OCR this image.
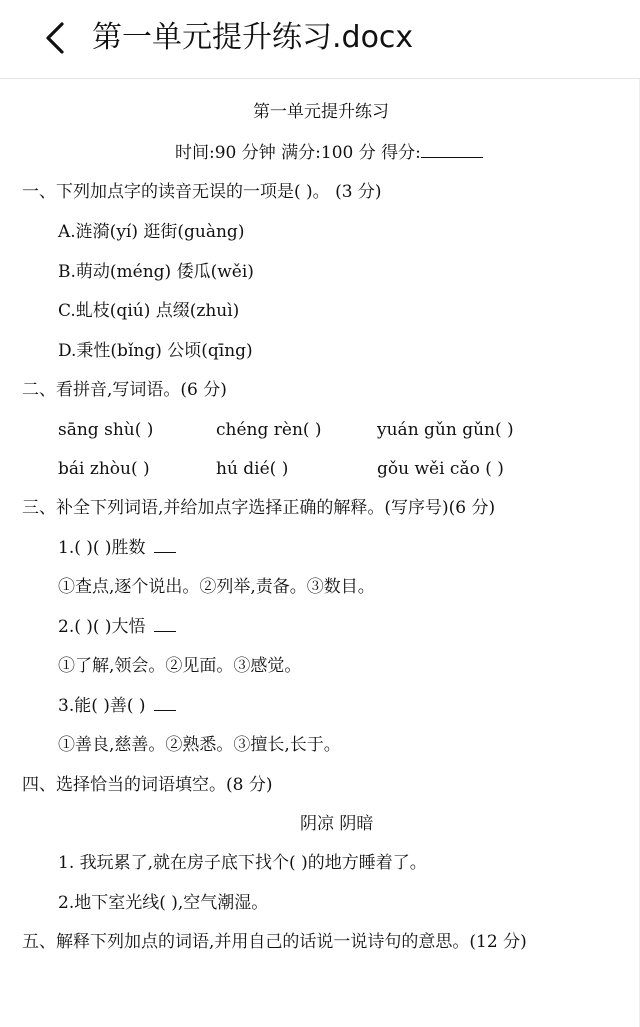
第一单元提升练习.docx
第一单元提升练习
时间:90 分钟 满分:100 分 得分:
一、下列加点字的读音无误的一项是( )。 (3 分)
A.涟漪(yí) 逛街(guàng)
B.萌动(méng) 倭瓜(wěi)
C.虬枝(qiú) 点缀(zhuì)
D.秉性(bǐng) 公顷(qīng)
二、看拼音,写词语。(6 分)
sāng shù( )	chéng rèn( )	yuán gǔn gǔn( )
bái zhòu( )	hú dié( )	gǒu wěi cǎo ( )
三、补全下列词语,并给加点字选择正确的解释。(写序号)(6 分)
1.( )( )胜数
①查点,逐个说出。②列举,责备。③数目。
2.( )( )大悟
①了解,领会。②见面。③感觉。
3.能( )善( )
①善良,慈善。②熟悉。③擅长,长于。
四、选择恰当的词语填空。(8 分)
阴凉 阴暗
1. 我玩累了,就在房子底下找个( )的地方睡着了。
2.地下室光线( ),空气潮湿。
五、解释下列加点的词语,并用自己的话说一说诗句的意思。(12 分)
